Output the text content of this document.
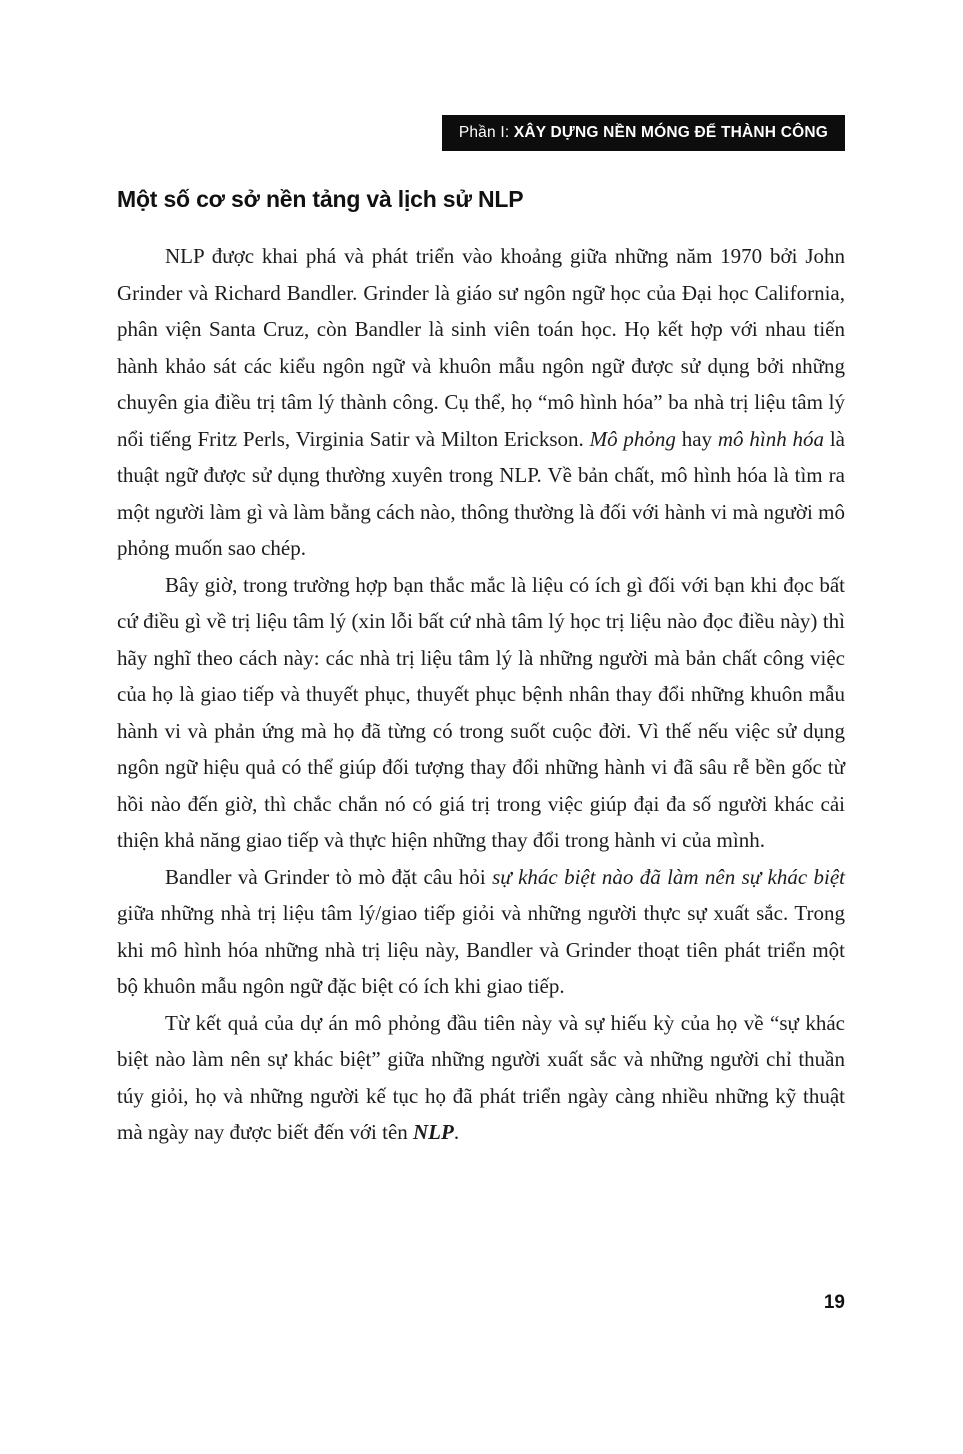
Phần I: XÂY DỰNG NỀN MÓNG ĐỂ THÀNH CÔNG
Một số cơ sở nền tảng và lịch sử NLP

NLP được khai phá và phát triển vào khoảng giữa những năm 1970 bởi John Grinder và Richard Bandler. Grinder là giáo sư ngôn ngữ học của Đại học California, phân viện Santa Cruz, còn Bandler là sinh viên toán học. Họ kết hợp với nhau tiến hành khảo sát các kiểu ngôn ngữ và khuôn mẫu ngôn ngữ được sử dụng bởi những chuyên gia điều trị tâm lý thành công. Cụ thể, họ “mô hình hóa” ba nhà trị liệu tâm lý nổi tiếng Fritz Perls, Virginia Satir và Milton Erickson. Mô phỏng hay mô hình hóa là thuật ngữ được sử dụng thường xuyên trong NLP. Về bản chất, mô hình hóa là tìm ra một người làm gì và làm bằng cách nào, thông thường là đối với hành vi mà người mô phỏng muốn sao chép.

Bây giờ, trong trường hợp bạn thắc mắc là liệu có ích gì đối với bạn khi đọc bất cứ điều gì về trị liệu tâm lý (xin lỗi bất cứ nhà tâm lý học trị liệu nào đọc điều này) thì hãy nghĩ theo cách này: các nhà trị liệu tâm lý là những người mà bản chất công việc của họ là giao tiếp và thuyết phục, thuyết phục bệnh nhân thay đổi những khuôn mẫu hành vi và phản ứng mà họ đã từng có trong suốt cuộc đời. Vì thế nếu việc sử dụng ngôn ngữ hiệu quả có thể giúp đối tượng thay đổi những hành vi đã sâu rễ bền gốc từ hồi nào đến giờ, thì chắc chắn nó có giá trị trong việc giúp đại đa số người khác cải thiện khả năng giao tiếp và thực hiện những thay đổi trong hành vi của mình.

Bandler và Grinder tò mò đặt câu hỏi sự khác biệt nào đã làm nên sự khác biệt giữa những nhà trị liệu tâm lý/giao tiếp giỏi và những người thực sự xuất sắc. Trong khi mô hình hóa những nhà trị liệu này, Bandler và Grinder thoạt tiên phát triển một bộ khuôn mẫu ngôn ngữ đặc biệt có ích khi giao tiếp.

Từ kết quả của dự án mô phỏng đầu tiên này và sự hiếu kỳ của họ về “sự khác biệt nào làm nên sự khác biệt” giữa những người xuất sắc và những người chỉ thuần túy giỏi, họ và những người kế tục họ đã phát triển ngày càng nhiều những kỹ thuật mà ngày nay được biết đến với tên NLP.

19
